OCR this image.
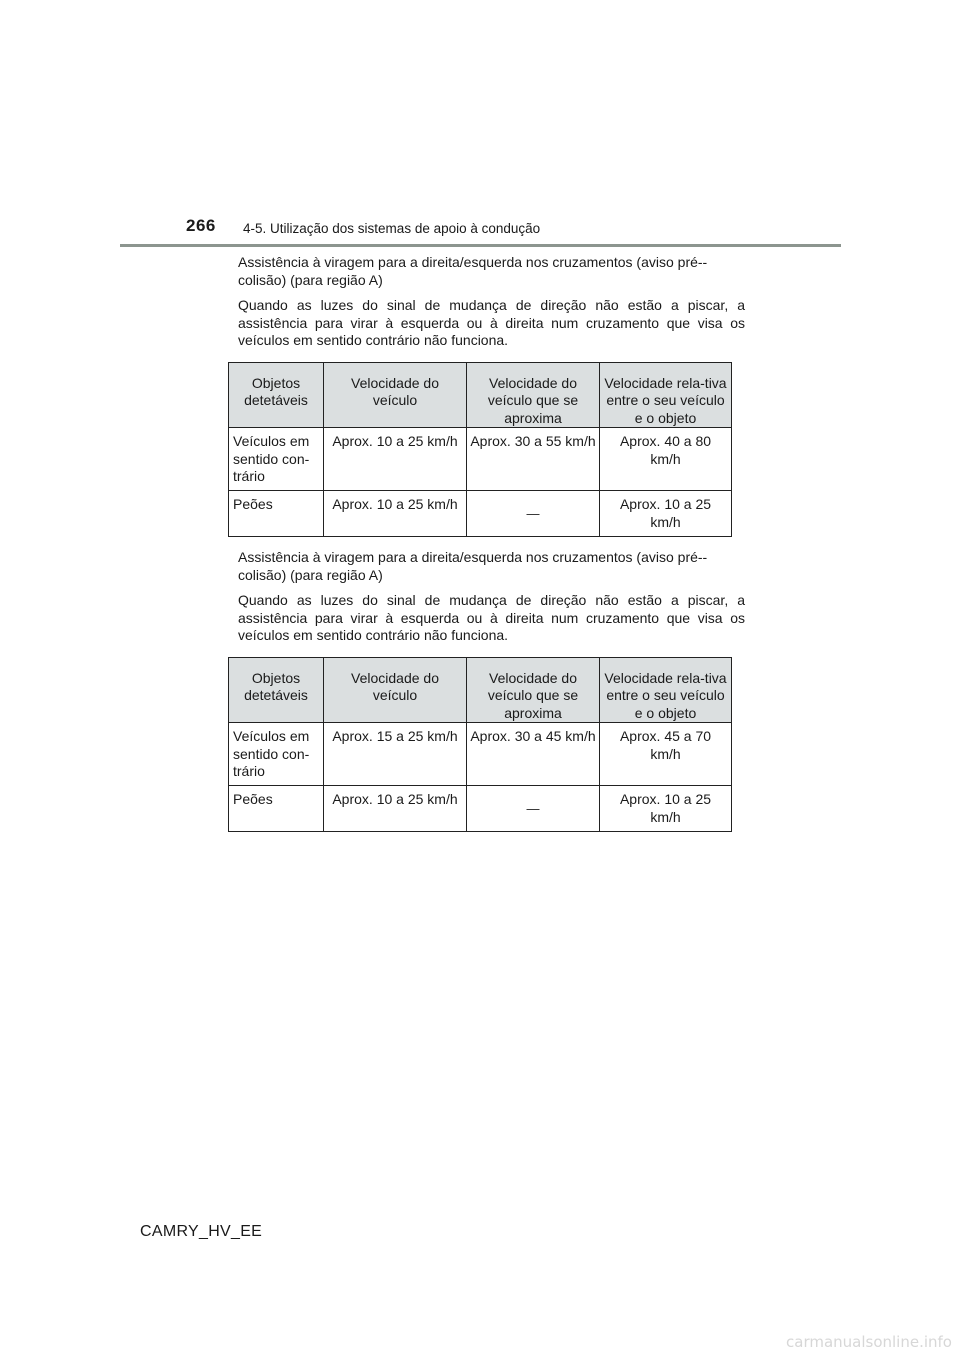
266 4-5. Utilização dos sistemas de apoio à condução

Assistência à viragem para a direita/esquerda nos cruzamentos (aviso pré--colisão) (para região A)

Quando as luzes do sinal de mudança de direção não estão a piscar, a assistência para virar à esquerda ou à direita num cruzamento que visa os veículos em sentido contrário não funciona.

Objetos detetáveis	Velocidade do veículo	Velocidade do veículo que se aproxima	Velocidade rela-tiva entre o seu veículo e o objeto
Veículos em sentido con-trário	Aprox. 10 a 25 km/h	Aprox. 30 a 55 km/h	Aprox. 40 a 80 km/h
Peões	Aprox. 10 a 25 km/h	—	Aprox. 10 a 25 km/h

Assistência à viragem para a direita/esquerda nos cruzamentos (aviso pré--colisão) (para região A)

Quando as luzes do sinal de mudança de direção não estão a piscar, a assistência para virar à esquerda ou à direita num cruzamento que visa os veículos em sentido contrário não funciona.

Objetos detetáveis	Velocidade do veículo	Velocidade do veículo que se aproxima	Velocidade rela-tiva entre o seu veículo e o objeto
Veículos em sentido con-trário	Aprox. 15 a 25 km/h	Aprox. 30 a 45 km/h	Aprox. 45 a 70 km/h
Peões	Aprox. 10 a 25 km/h	—	Aprox. 10 a 25 km/h
CAMRY_HV_EE
carmanualsonline.info
